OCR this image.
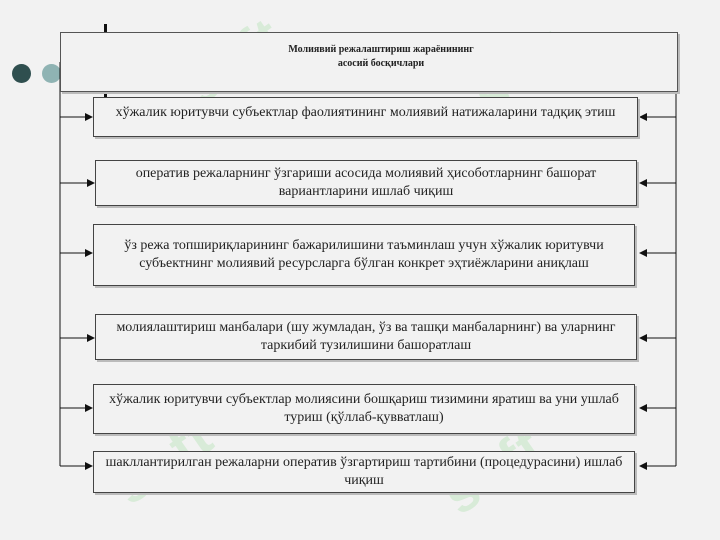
Молиявий режалаштириш жараёнининг
асосий босқичлари
хўжалик юритувчи субъектлар фаолиятининг молиявий натижаларини тадқиқ этиш
оператив режаларнинг ўзгариши асосида молиявий ҳисоботларнинг башорат вариантларини ишлаб чиқиш
ўз режа топшириқларининг бажарилишини таъминлаш учун хўжалик юритувчи субъектнинг молиявий ресурсларга бўлган конкрет эҳтиёжларини аниқлаш
молиялаштириш манбалари (шу жумладан, ўз ва ташқи манбаларнинг) ва уларнинг таркибий тузилишини башоратлаш
хўжалик юритувчи субъектлар молиясини бошқариш тизимини яратиш ва уни ушлаб туриш (қўллаб-қувватлаш)
шакллантирилган режаларни оператив ўзгартириш тартибини (процедурасини) ишлаб чиқиш
